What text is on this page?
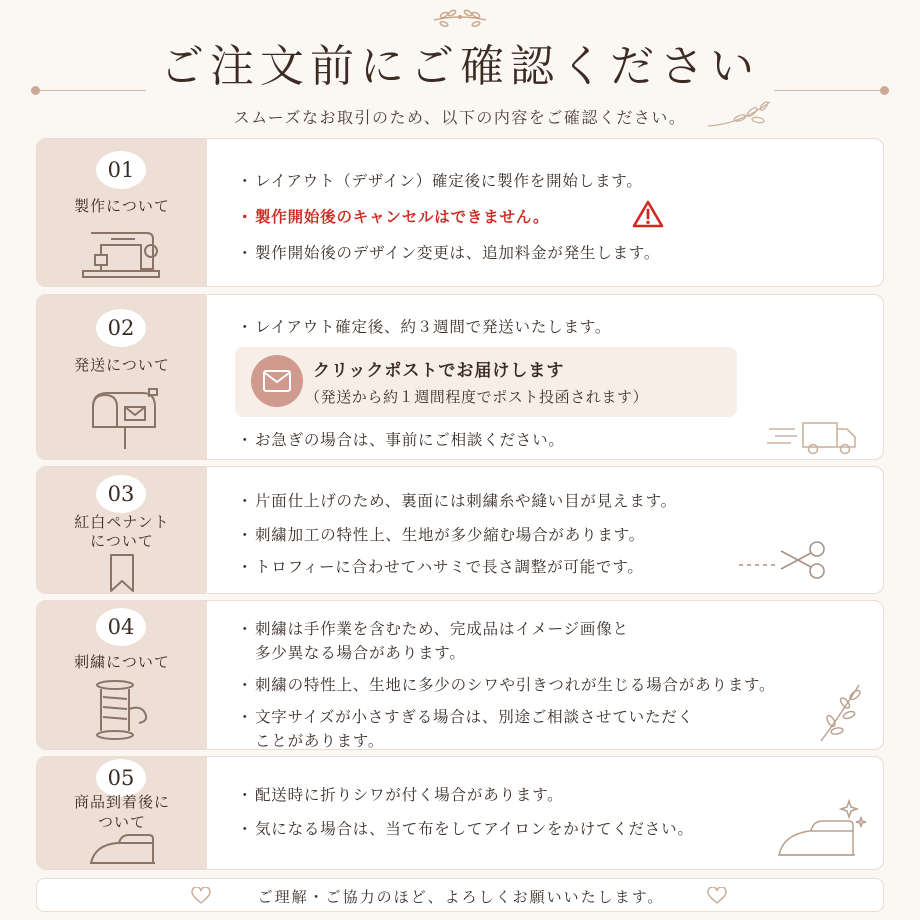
ご注文前にご確認ください

スムーズなお取引のため、以下の内容をご確認ください。

01
製作について
・ レイアウト（デザイン）確定後に製作を開始します。
・ 製作開始後のキャンセルはできません。
・ 製作開始後のデザイン変更は、追加料金が発生します。
02
発送について
・ レイアウト確定後、約３週間で発送いたします。
クリックポストでお届けします
（発送から約１週間程度でポスト投函されます）
・ お急ぎの場合は、事前にご相談ください。
03
紅白ペナント
について
・ 片面仕上げのため、裏面には刺繍糸や縫い目が見えます。
・ 刺繍加工の特性上、生地が多少縮む場合があります。
・ トロフィーに合わせてハサミで長さ調整が可能です。
04
刺繍について
・ 刺繍は手作業を含むため、完成品はイメージ画像と
多少異なる場合があります。
・ 刺繍の特性上、生地に多少のシワや引きつれが生じる場合があります。
・ 文字サイズが小さすぎる場合は、別途ご相談させていただく
ことがあります。
05
商品到着後に
ついて
・ 配送時に折りシワが付く場合があります。
・ 気になる場合は、当て布をしてアイロンをかけてください。
ご理解・ご協力のほど、よろしくお願いいたします。
